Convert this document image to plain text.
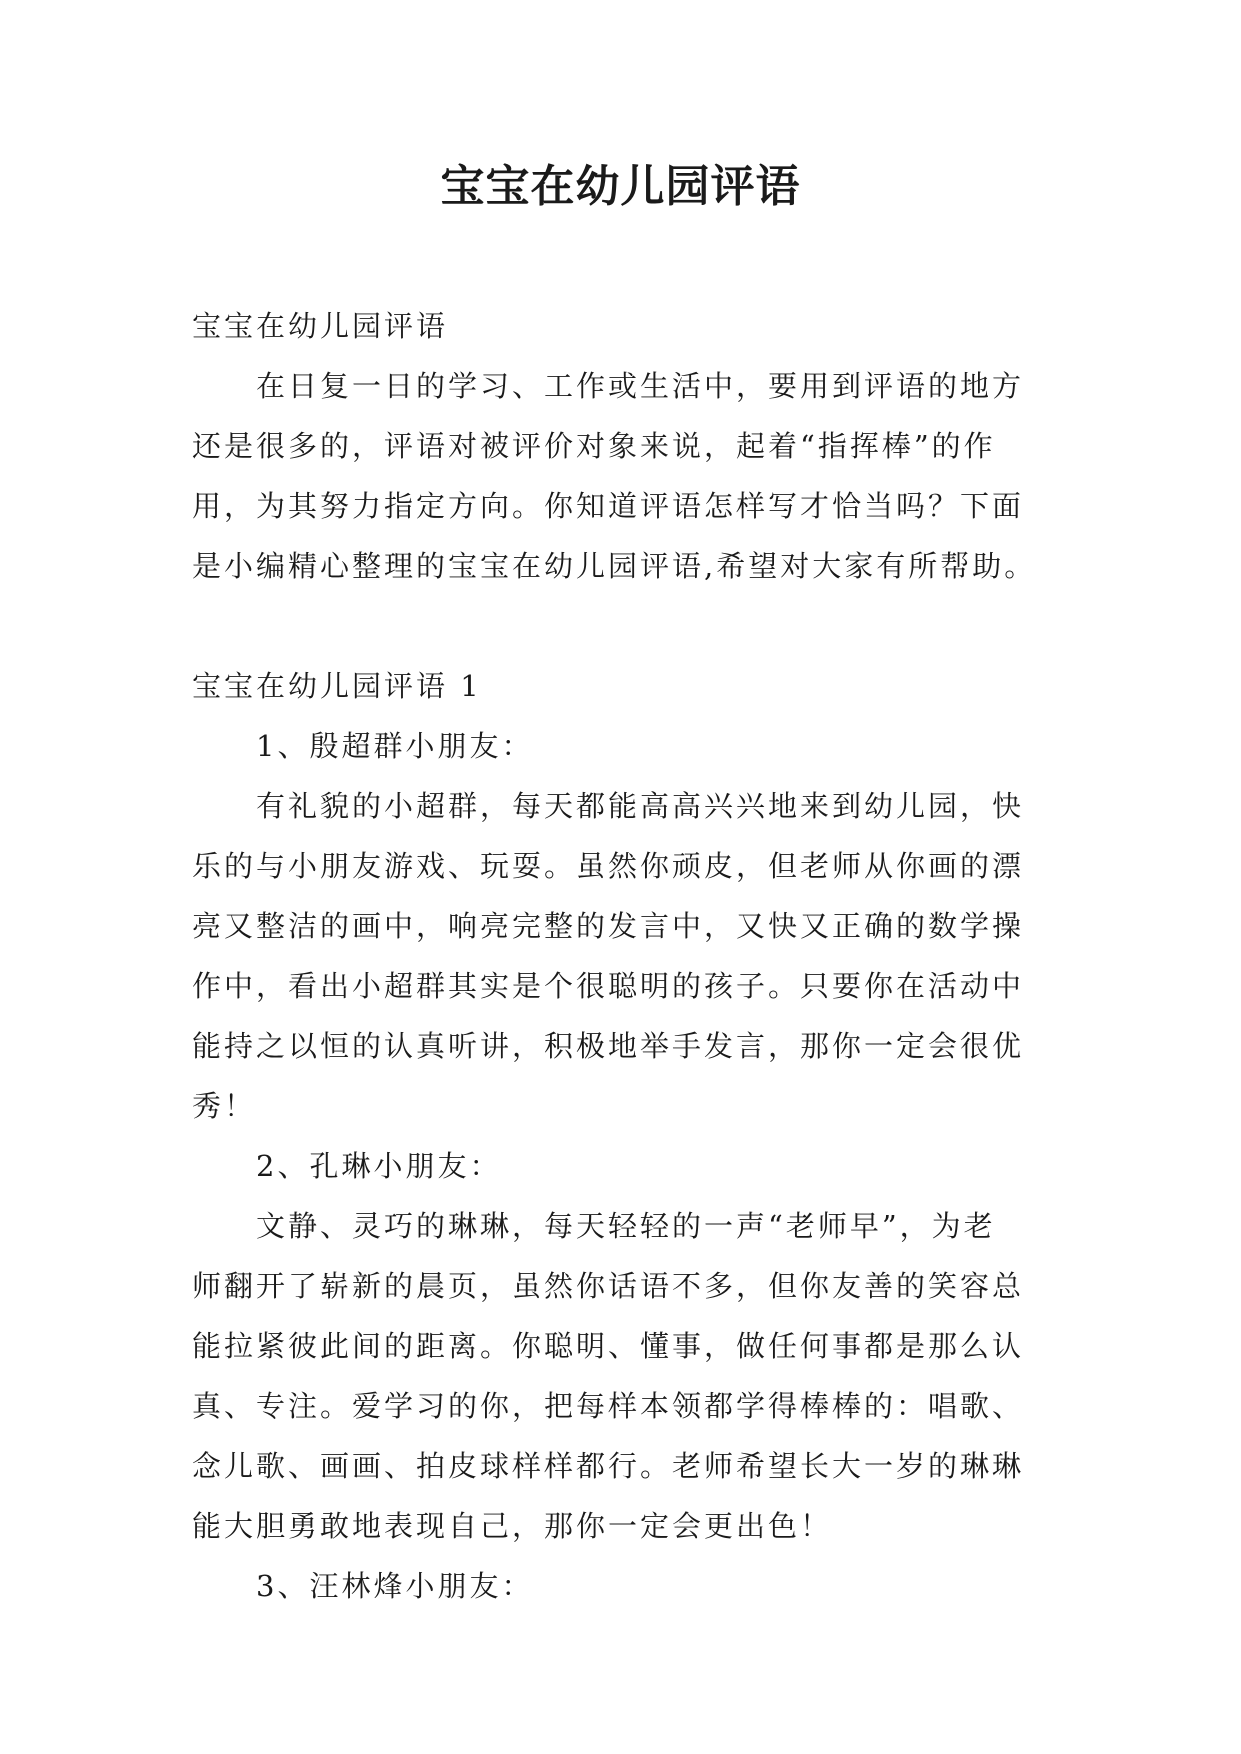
宝宝在幼儿园评语
宝宝在幼儿园评语
在日复一日的学习、工作或生活中，要用到评语的地方
还是很多的，评语对被评价对象来说，起着“指挥棒”的作
用，为其努力指定方向。你知道评语怎样写才恰当吗？下面
是小编精心整理的宝宝在幼儿园评语,希望对大家有所帮助。
宝宝在幼儿园评语 1
1、殷超群小朋友：
有礼貌的小超群，每天都能高高兴兴地来到幼儿园，快
乐的与小朋友游戏、玩耍。虽然你顽皮，但老师从你画的漂
亮又整洁的画中，响亮完整的发言中，又快又正确的数学操
作中，看出小超群其实是个很聪明的孩子。只要你在活动中
能持之以恒的认真听讲，积极地举手发言，那你一定会很优
秀！
2、孔琳小朋友：
文静、灵巧的琳琳，每天轻轻的一声“老师早”，为老
师翻开了崭新的晨页，虽然你话语不多，但你友善的笑容总
能拉紧彼此间的距离。你聪明、懂事，做任何事都是那么认
真、专注。爱学习的你，把每样本领都学得棒棒的：唱歌、
念儿歌、画画、拍皮球样样都行。老师希望长大一岁的琳琳
能大胆勇敢地表现自己，那你一定会更出色！
3、汪林烽小朋友：
